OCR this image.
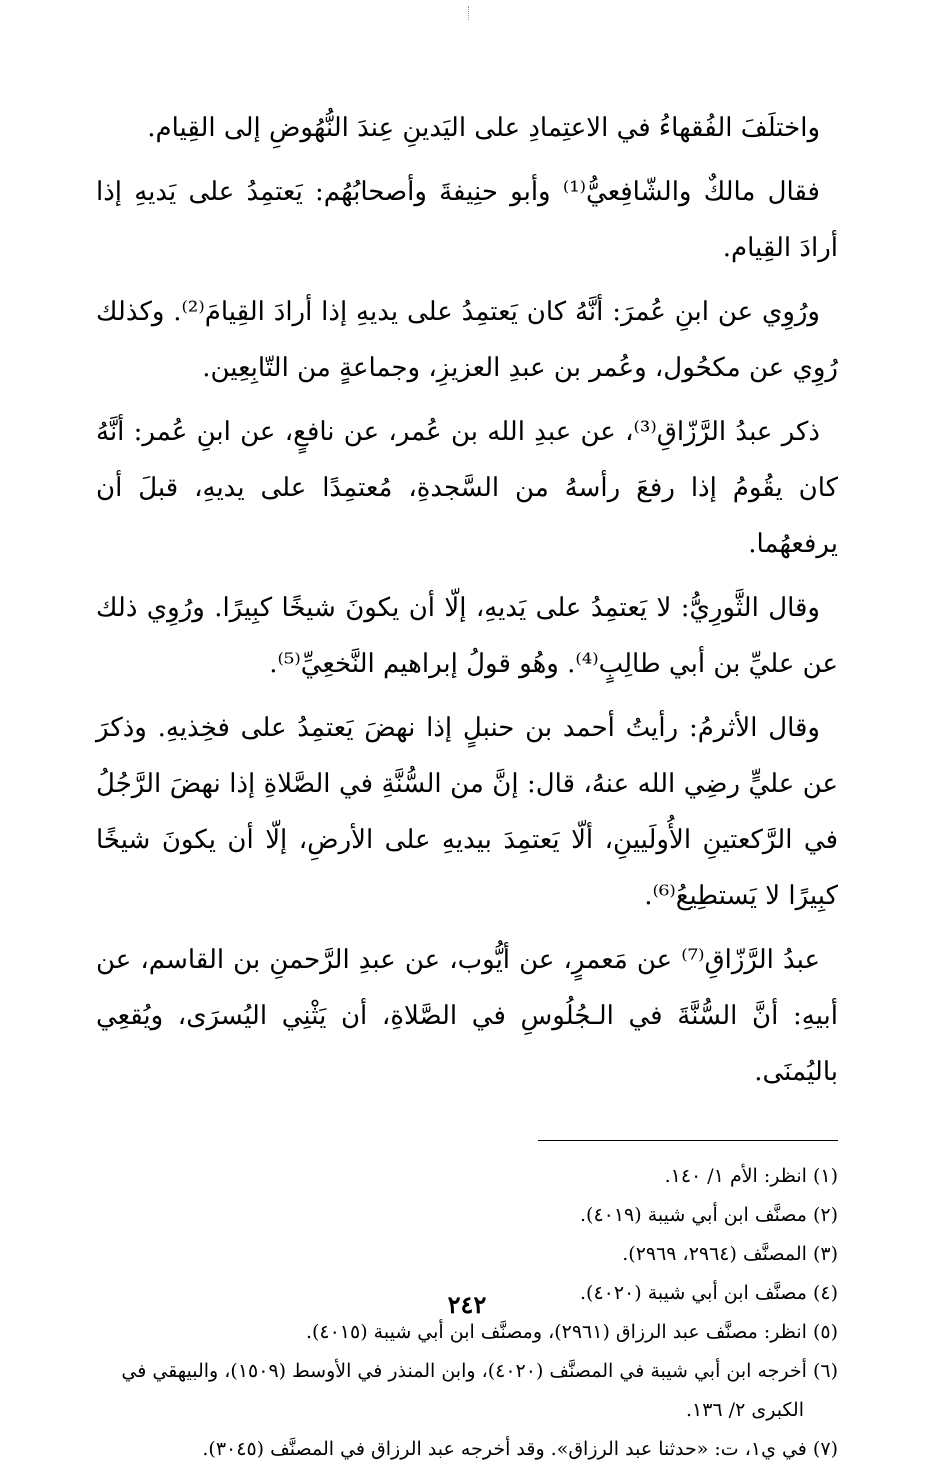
واختلَفَ الفُقهاءُ في الاعتِمادِ على اليَدينِ عِندَ النُّهُوضِ إلى القِيام.

فقال مالكٌ والشّافِعيُّ⁽¹⁾ وأبو حنِيفةَ وأصحابُهُم: يَعتمِدُ على يَديهِ إذا أرادَ القِيام.

ورُوِي عن ابنِ عُمرَ: أنَّهُ كان يَعتمِدُ على يديهِ إذا أرادَ القِيامَ⁽²⁾. وكذلك رُوِي عن مكحُول، وعُمر بن عبدِ العزيزِ، وجماعةٍ من التّابِعِين.

ذكر عبدُ الرَّزّاقِ⁽³⁾، عن عبدِ الله بن عُمر، عن نافعٍ، عن ابنِ عُمر: أنَّهُ كان يقُومُ إذا رفعَ رأسهُ من السَّجدةِ، مُعتمِدًا على يديهِ، قبلَ أن يرفعهُما.

وقال الثَّورِيُّ: لا يَعتمِدُ على يَديهِ، إلّا أن يكونَ شيخًا كبِيرًا. ورُوِي ذلك عن عليِّ بن أبي طالِبٍ⁽⁴⁾. وهُو قولُ إبراهيم النَّخعِيِّ⁽⁵⁾.

وقال الأثرمُ: رأيتُ أحمد بن حنبلٍ إذا نهضَ يَعتمِدُ على فخِذيهِ. وذكرَ عن عليٍّ رضِي الله عنهُ، قال: إنَّ من السُّنَّةِ في الصَّلاةِ إذا نهضَ الرَّجُلُ في الرَّكعتينِ الأُولَيينِ، ألّا يَعتمِدَ بيديهِ على الأرضِ، إلّا أن يكونَ شيخًا كبِيرًا لا يَستطِيعُ⁽⁶⁾.

عبدُ الرَّزّاقِ⁽⁷⁾ عن مَعمرٍ، عن أيُّوب، عن عبدِ الرَّحمنِ بن القاسم، عن أبيهِ: أنَّ السُّنَّةَ في الـجُلُوسِ في الصَّلاةِ، أن يَثْنِي اليُسرَى، ويُقعِي باليُمنَى.

(١) انظر: الأم ١/ ١٤٠.
(٢) مصنَّف ابن أبي شيبة (٤٠١٩).
(٣) المصنَّف (٢٩٦٤، ٢٩٦٩).
(٤) مصنَّف ابن أبي شيبة (٤٠٢٠).
(٥) انظر: مصنَّف عبد الرزاق (٢٩٦١)، ومصنَّف ابن أبي شيبة (٤٠١٥).
(٦) أخرجه ابن أبي شيبة في المصنَّف (٤٠٢٠)، وابن المنذر في الأوسط (١٥٠٩)، والبيهقي في
الكبرى ٢/ ١٣٦.
(٧) في ي١، ت: «حدثنا عبد الرزاق». وقد أخرجه عبد الرزاق في المصنَّف (٣٠٤٥).
٢٤٢
